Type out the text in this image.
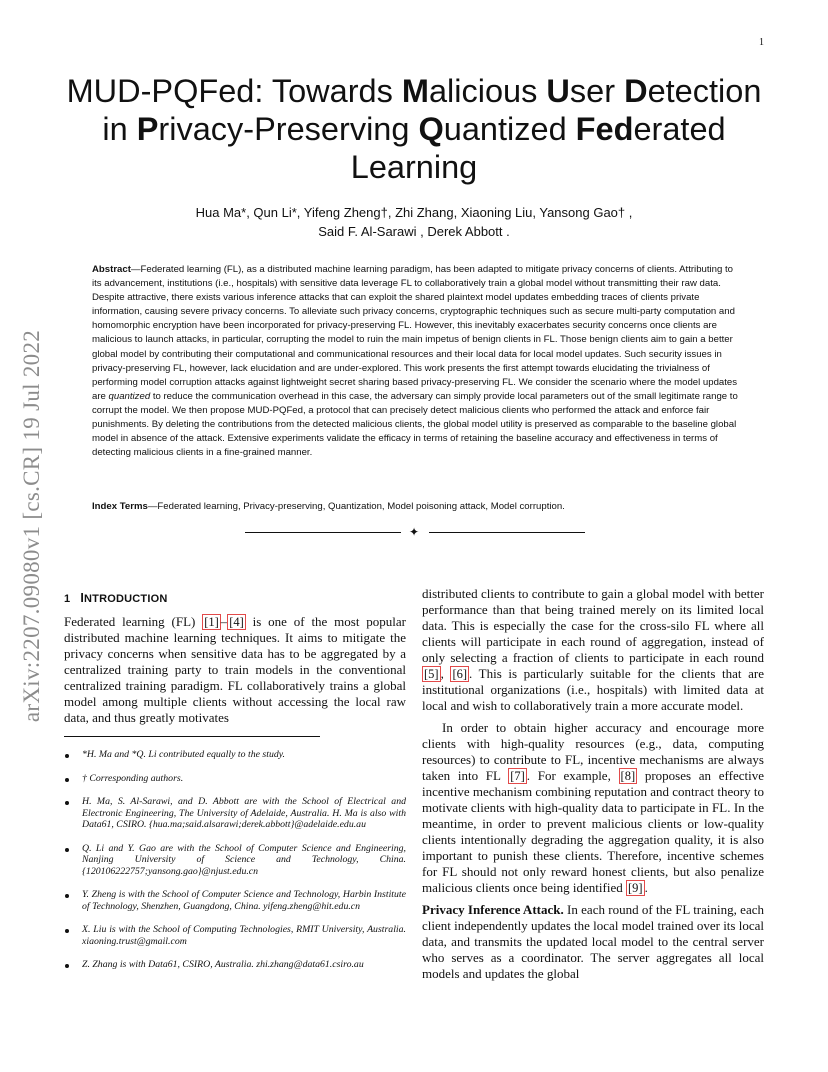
1
arXiv:2207.09080v1 [cs.CR] 19 Jul 2022
MUD-PQFed: Towards Malicious User Detection
in Privacy-Preserving Quantized Federated
Learning
Hua Ma*, Qun Li*, Yifeng Zheng†, Zhi Zhang, Xiaoning Liu, Yansong Gao† ,
Said F. Al-Sarawi , Derek Abbott .
Abstract—Federated learning (FL), as a distributed machine learning paradigm, has been adapted to mitigate privacy concerns of clients. Attributing to its advancement, institutions (i.e., hospitals) with sensitive data leverage FL to collaboratively train a global model without transmitting their raw data. Despite attractive, there exists various inference attacks that can exploit the shared plaintext model updates embedding traces of clients private information, causing severe privacy concerns. To alleviate such privacy concerns, cryptographic techniques such as secure multi-party computation and homomorphic encryption have been incorporated for privacy-preserving FL. However, this inevitably exacerbates security concerns once clients are malicious to launch attacks, in particular, corrupting the model to ruin the main impetus of benign clients in FL. Those benign clients aim to gain a better global model by contributing their computational and communicational resources and their local data for local model updates. Such security issues in privacy-preserving FL, however, lack elucidation and are under-explored. This work presents the first attempt towards elucidating the trivialness of performing model corruption attacks against lightweight secret sharing based privacy-preserving FL. We consider the scenario where the model updates are quantized to reduce the communication overhead in this case, the adversary can simply provide local parameters out of the small legitimate range to corrupt the model. We then propose MUD-PQFed, a protocol that can precisely detect malicious clients who performed the attack and enforce fair punishments. By deleting the contributions from the detected malicious clients, the global model utility is preserved as comparable to the baseline global model in absence of the attack. Extensive experiments validate the efficacy in terms of retaining the baseline accuracy and effectiveness in terms of detecting malicious clients in a fine-grained manner.
Index Terms—Federated learning, Privacy-preserving, Quantization, Model poisoning attack, Model corruption.
✦
1 INTRODUCTION

Federated learning (FL) [1] – [4] is one of the most popular distributed machine learning techniques. It aims to mitigate the privacy concerns when sensitive data has to be aggregated by a centralized training party to train models in the conventional centralized training paradigm. FL collaboratively trains a global model among multiple clients without accessing the local raw data, and thus greatly motivates

*H. Ma and *Q. Li contributed equally to the study.
† Corresponding authors.
H. Ma, S. Al-Sarawi, and D. Abbott are with the School of Electrical and Electronic Engineering, The University of Adelaide, Australia. H. Ma is also with Data61, CSIRO. {hua.ma;said.alsarawi;derek.abbott}@adelaide.edu.au
Q. Li and Y. Gao are with the School of Computer Science and Engineering, Nanjing University of Science and Technology, China. {120106222757;yansong.gao}@njust.edu.cn
Y. Zheng is with the School of Computer Science and Technology, Harbin Institute of Technology, Shenzhen, Guangdong, China. yifeng.zheng@hit.edu.cn
X. Liu is with the School of Computing Technologies, RMIT University, Australia. xiaoning.trust@gmail.com
Z. Zhang is with Data61, CSIRO, Australia. zhi.zhang@data61.csiro.au

distributed clients to contribute to gain a global model with better performance than that being trained merely on its limited local data. This is especially the case for the cross-silo FL where all clients will participate in each round of aggregation, instead of only selecting a fraction of clients to participate in each round [5] , [6] . This is particularly suitable for the clients that are institutional organizations (i.e., hospitals) with limited data at local and wish to collaboratively train a more accurate model.

In order to obtain higher accuracy and encourage more clients with high-quality resources (e.g., data, computing resources) to contribute to FL, incentive mechanisms are always taken into FL [7] . For example, [8] proposes an effective incentive mechanism combining reputation and contract theory to motivate clients with high-quality data to participate in FL. In the meantime, in order to prevent malicious clients or low-quality clients intentionally degrading the aggregation quality, it is also important to punish these clients. Therefore, incentive schemes for FL should not only reward honest clients, but also penalize malicious clients once being identified [9] .

Privacy Inference Attack. In each round of the FL training, each client independently updates the local model trained over its local data, and transmits the updated local model to the central server who serves as a coordinator. The server aggregates all local models and updates the global
